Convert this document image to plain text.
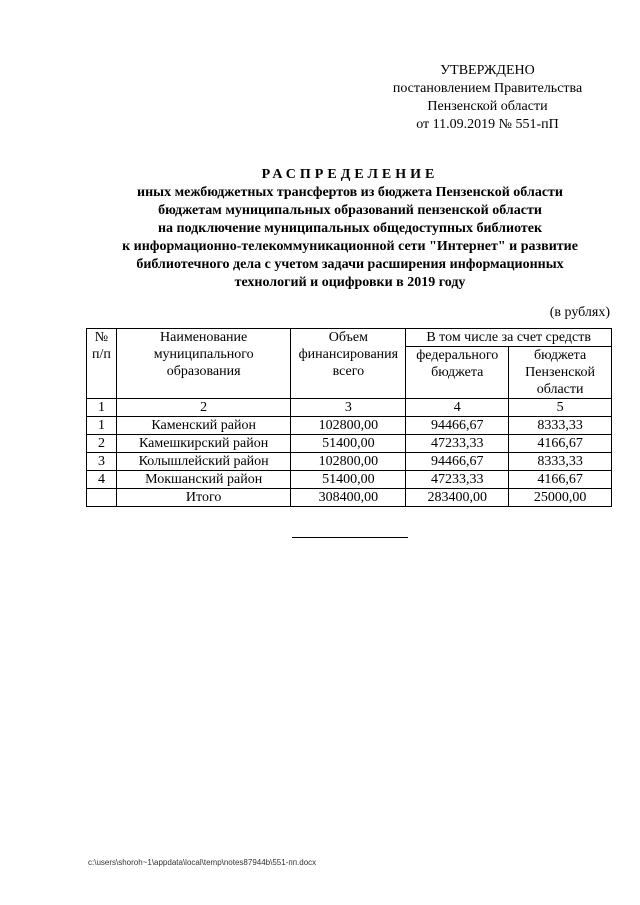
УТВЕРЖДЕНО
постановлением Правительства
Пензенской области
от 11.09.2019 № 551-пП
РАСПРЕДЕЛЕНИЕ
иных межбюджетных трансфертов из бюджета Пензенской области
бюджетам муниципальных образований пензенской области
на подключение муниципальных общедоступных библиотек
к информационно-телекоммуникационной сети "Интернет" и развитие
библиотечного дела с учетом задачи расширения информационных
технологий и оцифровки в 2019 году
(в рублях)
№ п/п	Наименование муниципального образования	Объем финансирования всего	В том числе за счет средств	
			федерального бюджета	бюджета Пензенской области
1	2	3	4	5
1	Каменский район	102800,00	94466,67	8333,33
2	Камешкирский район	51400,00	47233,33	4166,67
3	Колышлейский район	102800,00	94466,67	8333,33
4	Мокшанский район	51400,00	47233,33	4166,67
	Итого	308400,00	283400,00	25000,00
c:\users\shoroh~1\appdata\local\temp\notes87944b\551-пп.docx
